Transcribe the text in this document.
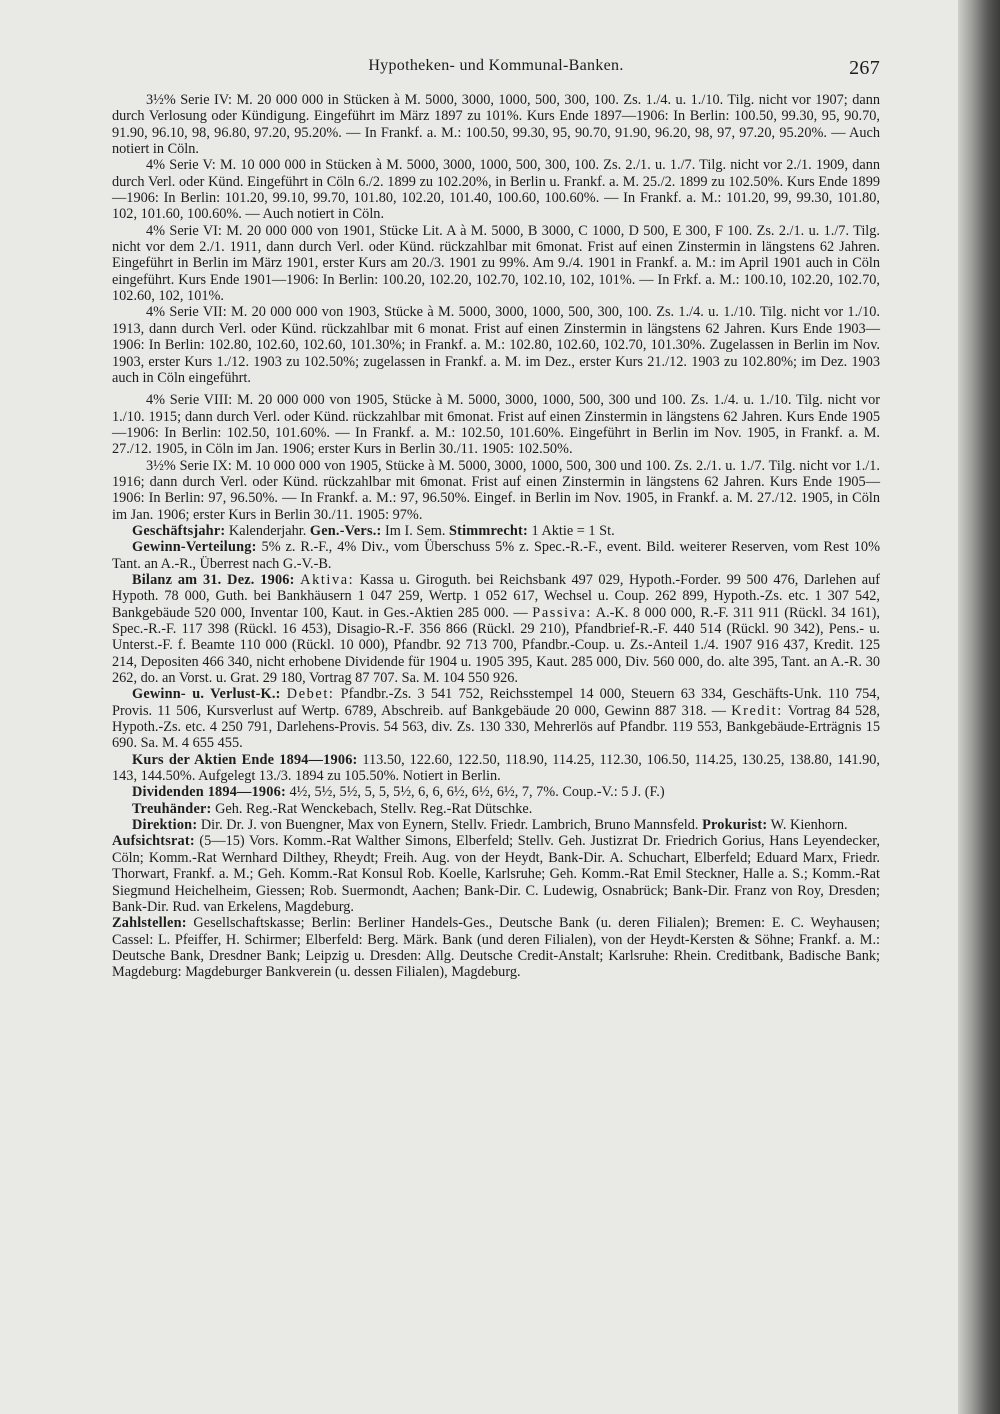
Hypotheken- und Kommunal-Banken.	267

3½% Serie IV: M. 20 000 000 in Stücken à M. 5000, 3000, 1000, 500, 300, 100. Zs. 1./4. u. 1./10. Tilg. nicht vor 1907; dann durch Verlosung oder Kündigung. Eingeführt im März 1897 zu 101%. Kurs Ende 1897—1906: In Berlin: 100.50, 99.30, 95, 90.70, 91.90, 96.10, 98, 96.80, 97.20, 95.20%. — In Frankf. a. M.: 100.50, 99.30, 95, 90.70, 91.90, 96.20, 98, 97, 97.20, 95.20%. — Auch notiert in Cöln.

4% Serie V: M. 10 000 000 in Stücken à M. 5000, 3000, 1000, 500, 300, 100. Zs. 2./1. u. 1./7. Tilg. nicht vor 2./1. 1909, dann durch Verl. oder Künd. Eingeführt in Cöln 6./2. 1899 zu 102.20%, in Berlin u. Frankf. a. M. 25./2. 1899 zu 102.50%. Kurs Ende 1899—1906: In Berlin: 101.20, 99.10, 99.70, 101.80, 102.20, 101.40, 100.60, 100.60%. — In Frankf. a. M.: 101.20, 99, 99.30, 101.80, 102, 101.60, 100.60%. — Auch notiert in Cöln.

4% Serie VI: M. 20 000 000 von 1901, Stücke Lit. A à M. 5000, B 3000, C 1000, D 500, E 300, F 100. Zs. 2./1. u. 1./7. Tilg. nicht vor dem 2./1. 1911, dann durch Verl. oder Künd. rückzahlbar mit 6monat. Frist auf einen Zinstermin in längstens 62 Jahren. Eingeführt in Berlin im März 1901, erster Kurs am 20./3. 1901 zu 99%. Am 9./4. 1901 in Frankf. a. M.: im April 1901 auch in Cöln eingeführt. Kurs Ende 1901—1906: In Berlin: 100.20, 102.20, 102.70, 102.10, 102, 101%. — In Frkf. a. M.: 100.10, 102.20, 102.70, 102.60, 102, 101%.

4% Serie VII: M. 20 000 000 von 1903, Stücke à M. 5000, 3000, 1000, 500, 300, 100. Zs. 1./4. u. 1./10. Tilg. nicht vor 1./10. 1913, dann durch Verl. oder Künd. rückzahlbar mit 6 monat. Frist auf einen Zinstermin in längstens 62 Jahren. Kurs Ende 1903—1906: In Berlin: 102.80, 102.60, 102.60, 101.30%; in Frankf. a. M.: 102.80, 102.60, 102.70, 101.30%. Zugelassen in Berlin im Nov. 1903, erster Kurs 1./12. 1903 zu 102.50%; zugelassen in Frankf. a. M. im Dez., erster Kurs 21./12. 1903 zu 102.80%; im Dez. 1903 auch in Cöln eingeführt.

4% Serie VIII: M. 20 000 000 von 1905, Stücke à M. 5000, 3000, 1000, 500, 300 und 100. Zs. 1./4. u. 1./10. Tilg. nicht vor 1./10. 1915; dann durch Verl. oder Künd. rückzahlbar mit 6monat. Frist auf einen Zinstermin in längstens 62 Jahren. Kurs Ende 1905—1906: In Berlin: 102.50, 101.60%. — In Frankf. a. M.: 102.50, 101.60%. Eingeführt in Berlin im Nov. 1905, in Frankf. a. M. 27./12. 1905, in Cöln im Jan. 1906; erster Kurs in Berlin 30./11. 1905: 102.50%.

3½% Serie IX: M. 10 000 000 von 1905, Stücke à M. 5000, 3000, 1000, 500, 300 und 100. Zs. 2./1. u. 1./7. Tilg. nicht vor 1./1. 1916; dann durch Verl. oder Künd. rückzahlbar mit 6monat. Frist auf einen Zinstermin in längstens 62 Jahren. Kurs Ende 1905—1906: In Berlin: 97, 96.50%. — In Frankf. a. M.: 97, 96.50%. Eingef. in Berlin im Nov. 1905, in Frankf. a. M. 27./12. 1905, in Cöln im Jan. 1906; erster Kurs in Berlin 30./11. 1905: 97%.

Geschäftsjahr: Kalenderjahr. Gen.-Vers.: Im I. Sem. Stimmrecht: 1 Aktie = 1 St.

Gewinn-Verteilung: 5% z. R.-F., 4% Div., vom Überschuss 5% z. Spec.-R.-F., event. Bild. weiterer Reserven, vom Rest 10% Tant. an A.-R., Überrest nach G.-V.-B.

Bilanz am 31. Dez. 1906: Aktiva: Kassa u. Giroguth. bei Reichsbank 497 029, Hypoth.-Forder. 99 500 476, Darlehen auf Hypoth. 78 000, Guth. bei Bankhäusern 1 047 259, Wertp. 1 052 617, Wechsel u. Coup. 262 899, Hypoth.-Zs. etc. 1 307 542, Bankgebäude 520 000, Inventar 100, Kaut. in Ges.-Aktien 285 000. — Passiva: A.-K. 8 000 000, R.-F. 311 911 (Rückl. 34 161), Spec.-R.-F. 117 398 (Rückl. 16 453), Disagio-R.-F. 356 866 (Rückl. 29 210), Pfandbrief-R.-F. 440 514 (Rückl. 90 342), Pens.- u. Unterst.-F. f. Beamte 110 000 (Rückl. 10 000), Pfandbr. 92 713 700, Pfandbr.-Coup. u. Zs.-Anteil 1./4. 1907 916 437, Kredit. 125 214, Depositen 466 340, nicht erhobene Dividende für 1904 u. 1905 395, Kaut. 285 000, Div. 560 000, do. alte 395, Tant. an A.-R. 30 262, do. an Vorst. u. Grat. 29 180, Vortrag 87 707. Sa. M. 104 550 926.

Gewinn- u. Verlust-K.: Debet: Pfandbr.-Zs. 3 541 752, Reichsstempel 14 000, Steuern 63 334, Geschäfts-Unk. 110 754, Provis. 11 506, Kursverlust auf Wertp. 6789, Abschreib. auf Bankgebäude 20 000, Gewinn 887 318. — Kredit: Vortrag 84 528, Hypoth.-Zs. etc. 4 250 791, Darlehens-Provis. 54 563, div. Zs. 130 330, Mehrerlös auf Pfandbr. 119 553, Bankgebäude-Erträgnis 15 690. Sa. M. 4 655 455.

Kurs der Aktien Ende 1894—1906: 113.50, 122.60, 122.50, 118.90, 114.25, 112.30, 106.50, 114.25, 130.25, 138.80, 141.90, 143, 144.50%. Aufgelegt 13./3. 1894 zu 105.50%. Notiert in Berlin.

Dividenden 1894—1906: 4½, 5½, 5½, 5, 5, 5½, 6, 6, 6½, 6½, 6½, 7, 7%. Coup.-V.: 5 J. (F.)

Treuhänder: Geh. Reg.-Rat Wenckebach, Stellv. Reg.-Rat Dütschke.

Direktion: Dir. Dr. J. von Buengner, Max von Eynern, Stellv. Friedr. Lambrich, Bruno Mannsfeld. Prokurist: W. Kienhorn.

Aufsichtsrat: (5—15) Vors. Komm.-Rat Walther Simons, Elberfeld; Stellv. Geh. Justizrat Dr. Friedrich Gorius, Hans Leyendecker, Cöln; Komm.-Rat Wernhard Dilthey, Rheydt; Freih. Aug. von der Heydt, Bank-Dir. A. Schuchart, Elberfeld; Eduard Marx, Friedr. Thorwart, Frankf. a. M.; Geh. Komm.-Rat Konsul Rob. Koelle, Karlsruhe; Geh. Komm.-Rat Emil Steckner, Halle a. S.; Komm.-Rat Siegmund Heichelheim, Giessen; Rob. Suermondt, Aachen; Bank-Dir. C. Ludewig, Osnabrück; Bank-Dir. Franz von Roy, Dresden; Bank-Dir. Rud. van Erkelens, Magdeburg.

Zahlstellen: Gesellschaftskasse; Berlin: Berliner Handels-Ges., Deutsche Bank (u. deren Filialen); Bremen: E. C. Weyhausen; Cassel: L. Pfeiffer, H. Schirmer; Elberfeld: Berg. Märk. Bank (und deren Filialen), von der Heydt-Kersten & Söhne; Frankf. a. M.: Deutsche Bank, Dresdner Bank; Leipzig u. Dresden: Allg. Deutsche Credit-Anstalt; Karlsruhe: Rhein. Creditbank, Badische Bank; Magdeburg: Magdeburger Bankverein (u. dessen Filialen), Magdeburg.
